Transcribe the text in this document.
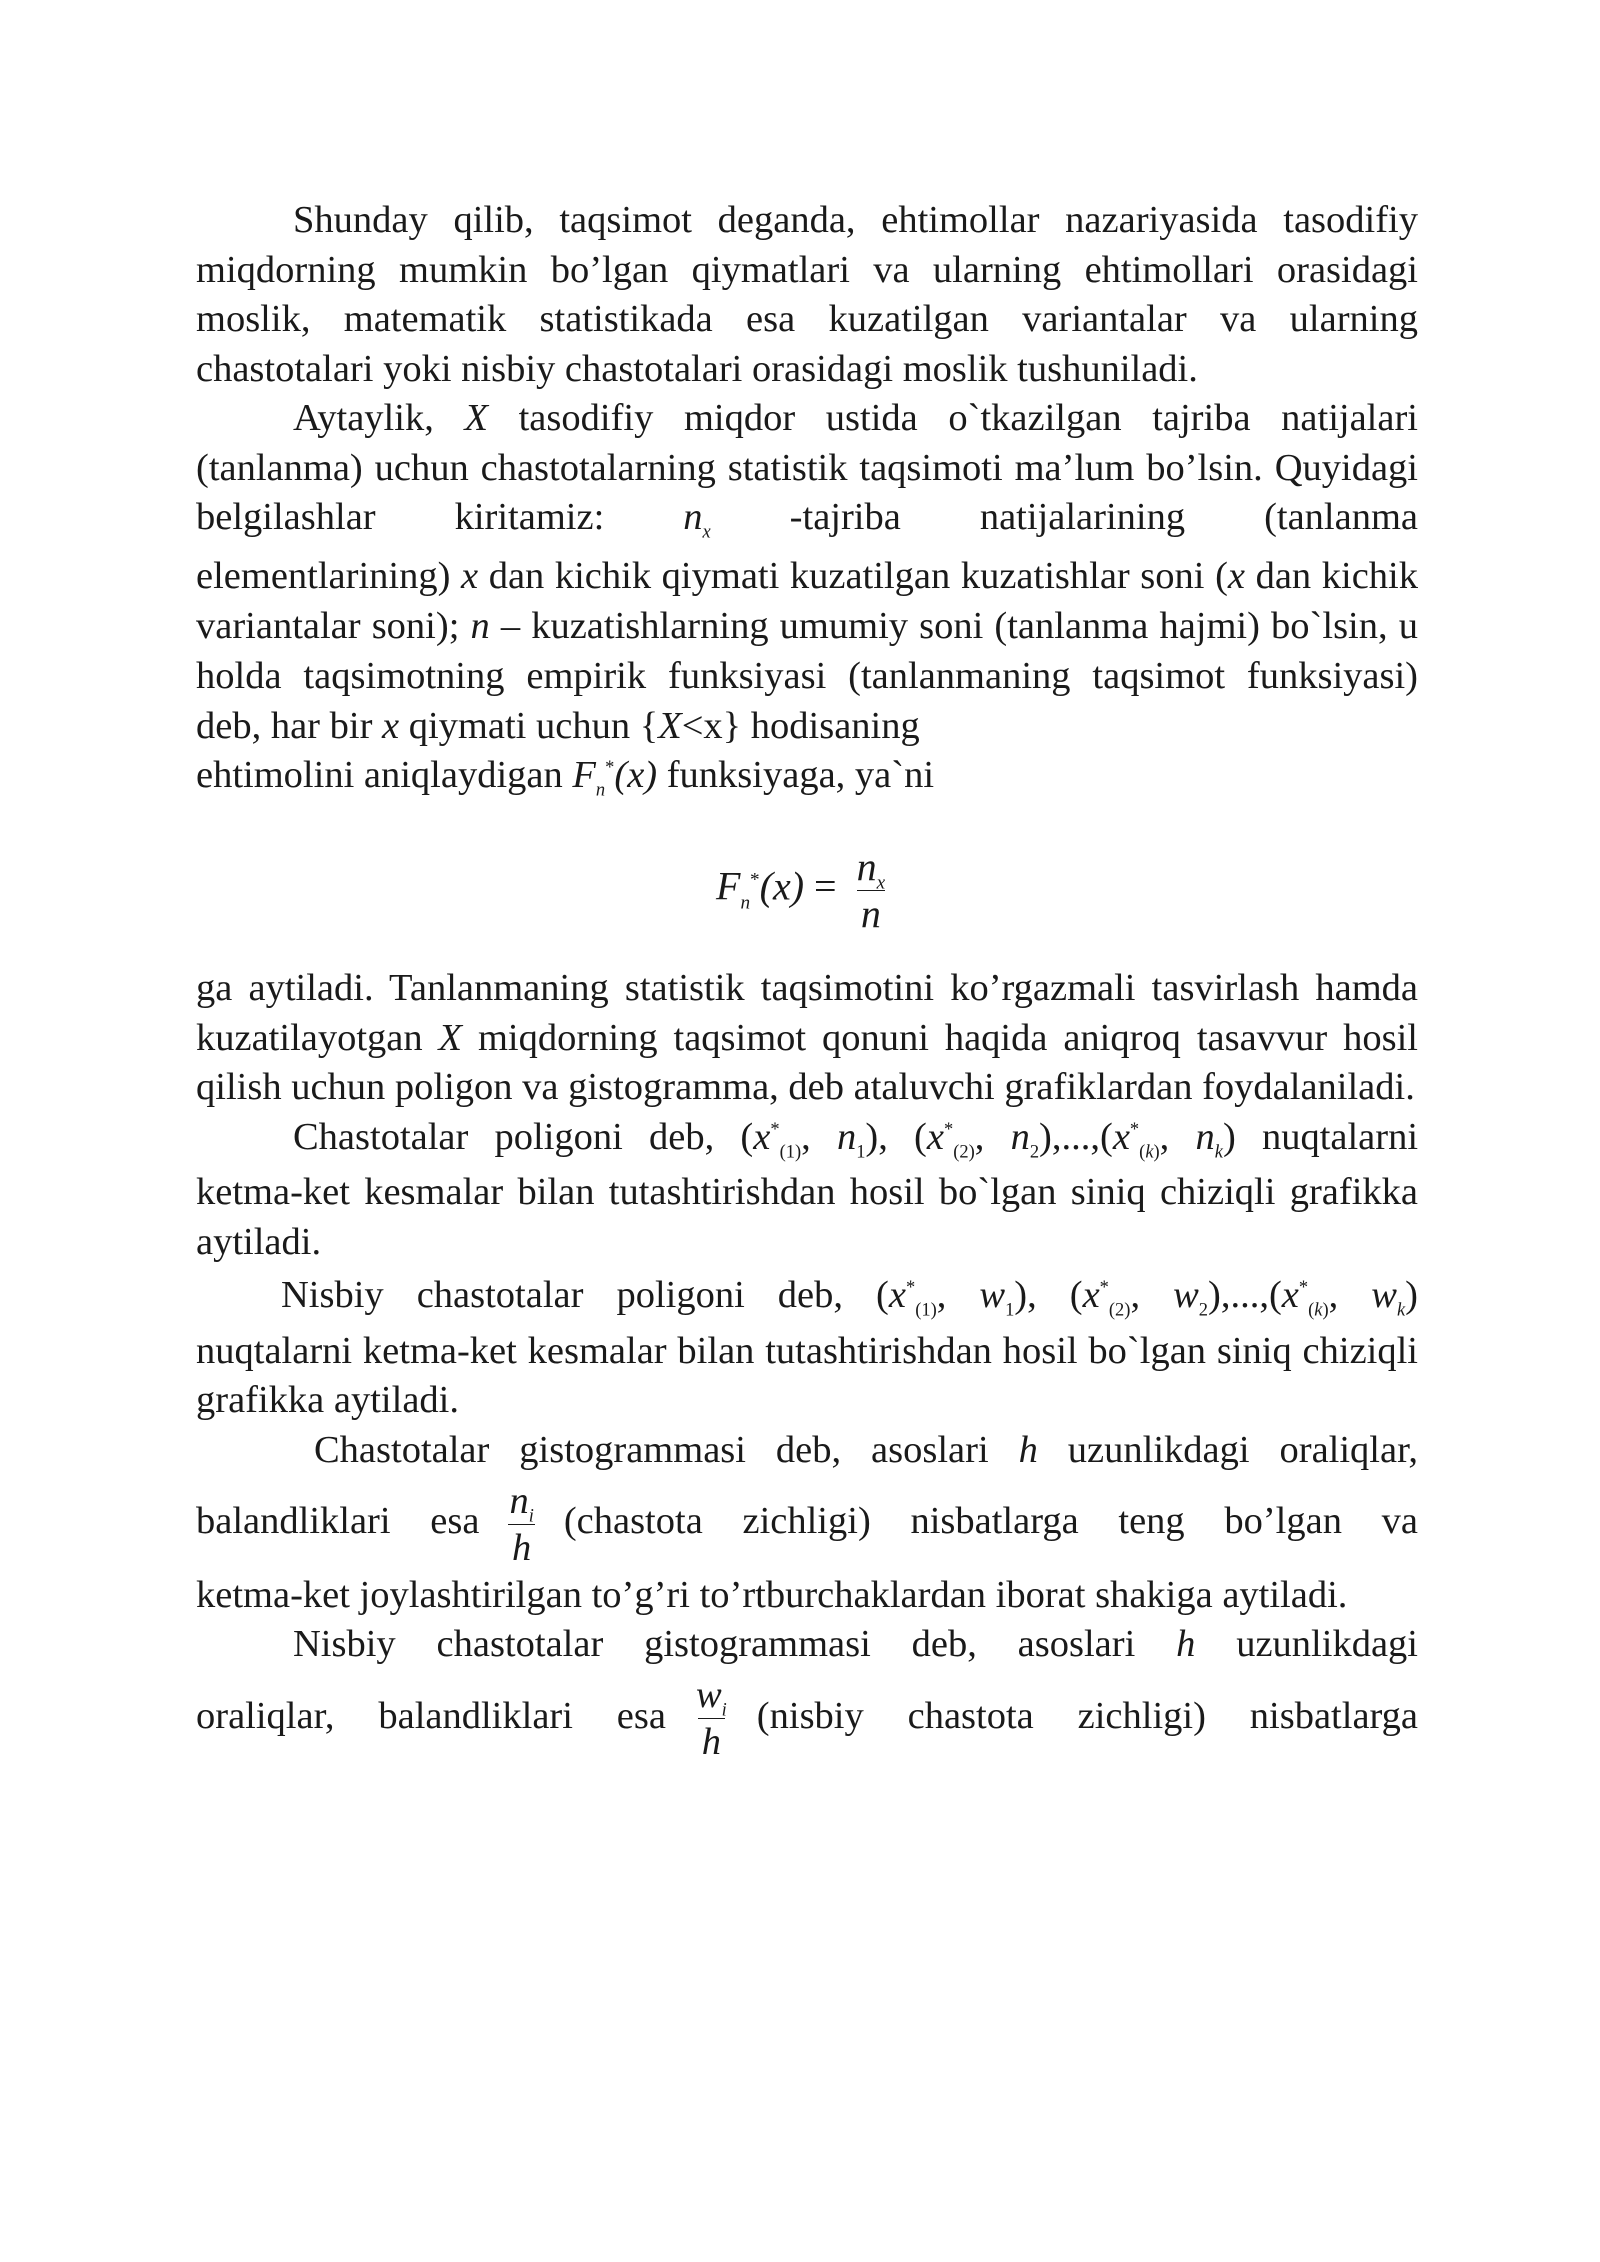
Shunday qilib, taqsimot deganda, ehtimollar nazariyasida tasodifiy miqdorning mumkin bo’lgan qiymatlari va ularning ehtimollari orasidagi moslik, matematik statistikada esa kuzatilgan variantalar va ularning chastotalari yoki nisbiy chastotalari orasidagi moslik tushuniladi.

Aytaylik, X tasodifiy miqdor ustida o`tkazilgan tajriba natijalari (tanlanma) uchun chastotalarning statistik taqsimoti ma’lum bo’lsin. Quyidagi belgilashlar kiritamiz: $n_x$ -tajriba natijalarining (tanlanma

elementlarining) x dan kichik qiymati kuzatilgan kuzatishlar soni (x dan kichik variantalar soni); n – kuzatishlarning umumiy soni (tanlanma hajmi) bo`lsin, u holda taqsimotning empirik funksiyasi (tanlanmaning taqsimot funksiyasi) deb, har bir x qiymati uchun {X<x} hodisaning

ehtimolini aniqlaydigan $F_n^*(x)$ funksiyaga, ya`ni

$F_n^*(x) = \frac{n_x}{n}$

ga aytiladi. Tanlanmaning statistik taqsimotini ko’rgazmali tasvirlash hamda kuzatilayotgan X miqdorning taqsimot qonuni haqida aniqroq tasavvur hosil qilish uchun poligon va gistogramma, deb ataluvchi grafiklardan foydalaniladi.

Chastotalar poligoni deb, ($x^*_{(1)}$, $n_1$), ($x^*_{(2)}$, $n_2),...,(x^*_{(k)}$, $n_k$) nuqtalarni

ketma-ket kesmalar bilan tutashtirishdan hosil bo`lgan siniq chiziqli grafikka aytiladi.

Nisbiy chastotalar poligoni deb, ($x^*_{(1)}$, $w_1$), ($x^*_{(2)}$, $w_2),...,(x^*_{(k)}$, $w_k$)

nuqtalarni ketma-ket kesmalar bilan tutashtirishdan hosil bo`lgan siniq chiziqli grafikka aytiladi.

Chastotalar gistogrammasi deb, asoslari h uzunlikdagi oraliqlar,

balandliklari esa $\frac{n_i}{h}$ (chastota zichligi) nisbatlarga teng bo’lgan va

ketma-ket joylashtirilgan to’g’ri to’rtburchaklardan iborat shakiga aytiladi.

Nisbiy chastotalar gistogrammasi deb, asoslari h uzunlikdagi

oraliqlar, balandliklari esa $\frac{w_i}{h}$ (nisbiy chastota zichligi) nisbatlarga
